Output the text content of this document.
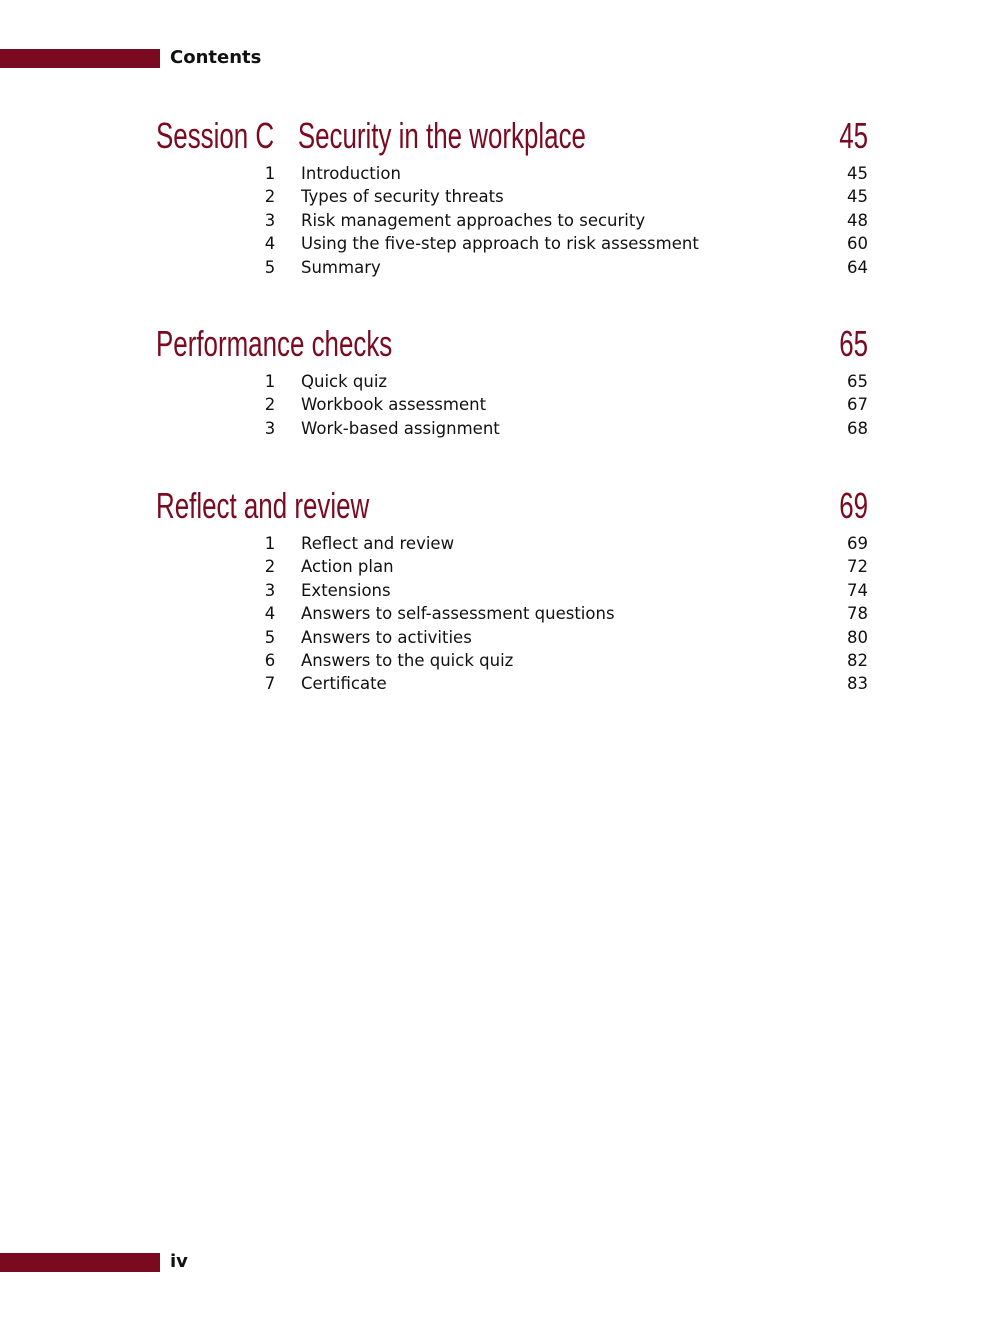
Contents
Session C Security in the workplace	45
1 Introduction	45
2 Types of security threats	45
3 Risk management approaches to security	48
4 Using the five-step approach to risk assessment	60
5 Summary	64
Performance checks	65
1 Quick quiz	65
2 Workbook assessment	67
3 Work-based assignment	68
Reflect and review	69
1 Reflect and review	69
2 Action plan	72
3 Extensions	74
4 Answers to self-assessment questions	78
5 Answers to activities	80
6 Answers to the quick quiz	82
7 Certificate	83
iv
